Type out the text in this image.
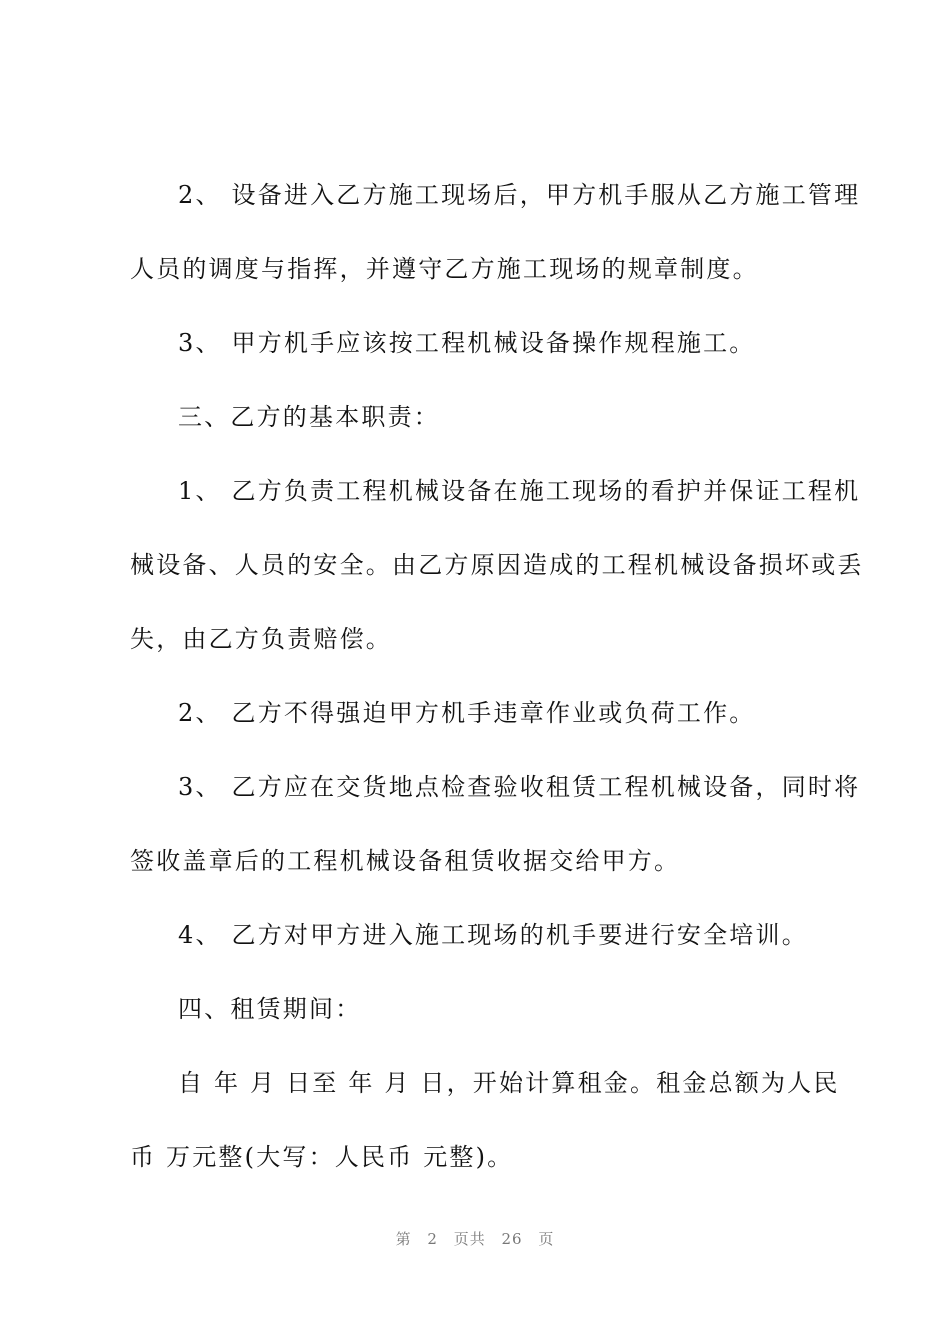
2、 设备进入乙方施工现场后，甲方机手服从乙方施工管理
人员的调度与指挥，并遵守乙方施工现场的规章制度。
3、 甲方机手应该按工程机械设备操作规程施工。
三、乙方的基本职责：
1、 乙方负责工程机械设备在施工现场的看护并保证工程机
械设备、人员的安全。由乙方原因造成的工程机械设备损坏或丢
失，由乙方负责赔偿。
2、 乙方不得强迫甲方机手违章作业或负荷工作。
3、 乙方应在交货地点检查验收租赁工程机械设备，同时将
签收盖章后的工程机械设备租赁收据交给甲方。
4、 乙方对甲方进入施工现场的机手要进行安全培训。
四、租赁期间：
自 年 月 日至 年 月 日，开始计算租金。租金总额为人民
币 万元整(大写：人民币 元整)。
第 2 页共 26 页
